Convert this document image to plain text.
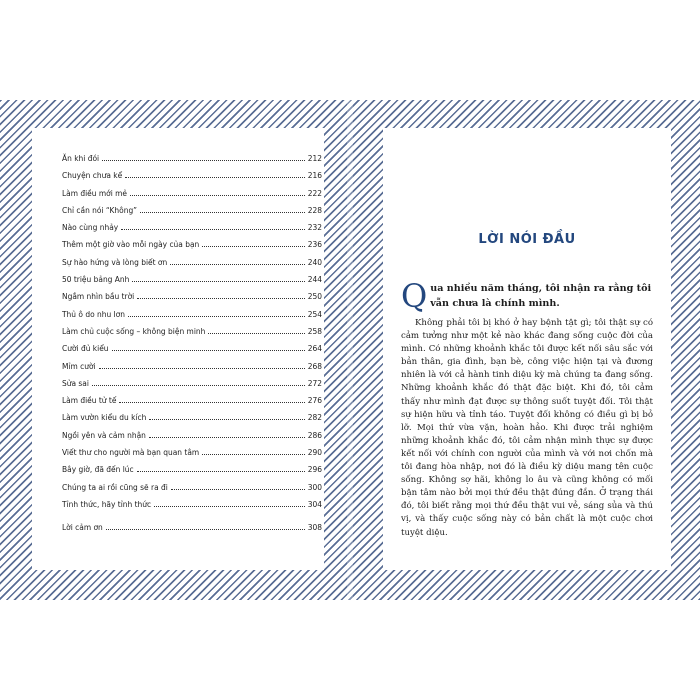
Ăn khi đói	212
Chuyện chưa kể	216
Làm điều mới mẻ	222
Chỉ cần nói “Không”	228
Nào cùng nhảy	232
Thêm một giờ vào mỗi ngày của bạn	236
Sự hào hứng và lòng biết ơn	240
50 triệu bảng Anh	244
Ngắm nhìn bầu trời	250
Thủ ô do nhu lơn	254
Làm chủ cuộc sống – không biện minh	258
Cười đủ kiểu	264
Mỉm cười	268
Sửa sai	272
Làm điều tử tế	276
Làm vườn kiểu du kích	282
Ngồi yên và cảm nhận	286
Viết thư cho người mà bạn quan tâm	290
Bây giờ, đã đến lúc	296
Chúng ta ai rồi cũng sẽ ra đi	300
Tỉnh thức, hãy tỉnh thức	304
Lời cảm ơn	308
LỜI NÓI ĐẦU

Qua nhiều năm tháng, tôi nhận ra rằng tôi vẫn chưa là chính mình.

Không phải tôi bị khó ở hay bệnh tật gì; tôi thật sự có cảm tưởng như một kẻ nào khác đang sống cuộc đời của mình. Có những khoảnh khắc tôi được kết nối sâu sắc với bản thân, gia đình, bạn bè, công việc hiện tại và đương nhiên là với cả hành tinh diệu kỳ mà chúng ta đang sống. Những khoảnh khắc đó thật đặc biệt. Khi đó, tôi cảm thấy như mình đạt được sự thông suốt tuyệt đối. Tôi thật sự hiện hữu và tỉnh táo. Tuyệt đối không có điều gì bị bỏ lỡ. Mọi thứ vừa vặn, hoàn hảo. Khi được trải nghiệm những khoảnh khắc đó, tôi cảm nhận mình thực sự được kết nối với chính con người của mình và với nơi chốn mà tôi đang hòa nhập, nơi đó là điều kỳ diệu mang tên cuộc sống. Không sợ hãi, không lo âu và cũng không có mối bận tâm nào bởi mọi thứ đều thật đúng đắn. Ở trạng thái đó, tôi biết rằng mọi thứ đều thật vui vẻ, sáng sủa và thú vị, và thấy cuộc sống này có bản chất là một cuộc chơi tuyệt diệu.
